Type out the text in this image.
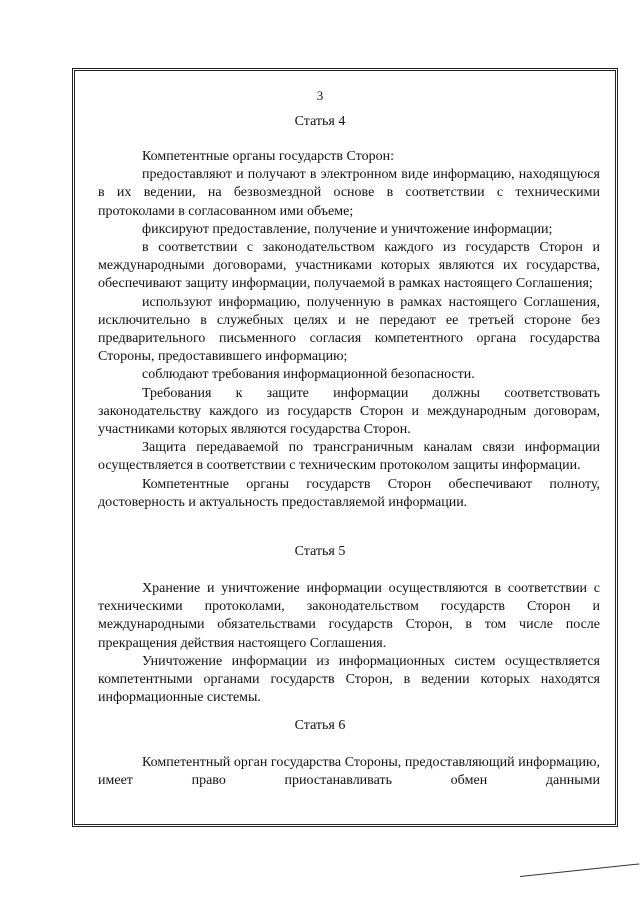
3
Статья 4

Компетентные органы государств Сторон:

предоставляют и получают в электронном виде информацию, находящуюся в их ведении, на безвозмездной основе в соответствии с техническими протоколами в согласованном ими объеме;

фиксируют предоставление, получение и уничтожение информации;

в соответствии с законодательством каждого из государств Сторон и международными договорами, участниками которых являются их государства, обеспечивают защиту информации, получаемой в рамках настоящего Соглашения;

используют информацию, полученную в рамках настоящего Соглашения, исключительно в служебных целях и не передают ее третьей стороне без предварительного письменного согласия компетентного органа государства Стороны, предоставившего информацию;

соблюдают требования информационной безопасности.

Требования к защите информации должны соответствовать законодательству каждого из государств Сторон и международным договорам, участниками которых являются государства Сторон.

Защита передаваемой по трансграничным каналам связи информации осуществляется в соответствии с техническим протоколом защиты информации.

Компетентные органы государств Сторон обеспечивают полноту, достоверность и актуальность предоставляемой информации.

Статья 5

Хранение и уничтожение информации осуществляются в соответствии с техническими протоколами, законодательством государств Сторон и международными обязательствами государств Сторон, в том числе после прекращения действия настоящего Соглашения.

Уничтожение информации из информационных систем осуществляется компетентными органами государств Сторон, в ведении которых находятся информационные системы.

Статья 6

Компетентный орган государства Стороны, предоставляющий информацию, имеет право приостанавливать обмен данными
